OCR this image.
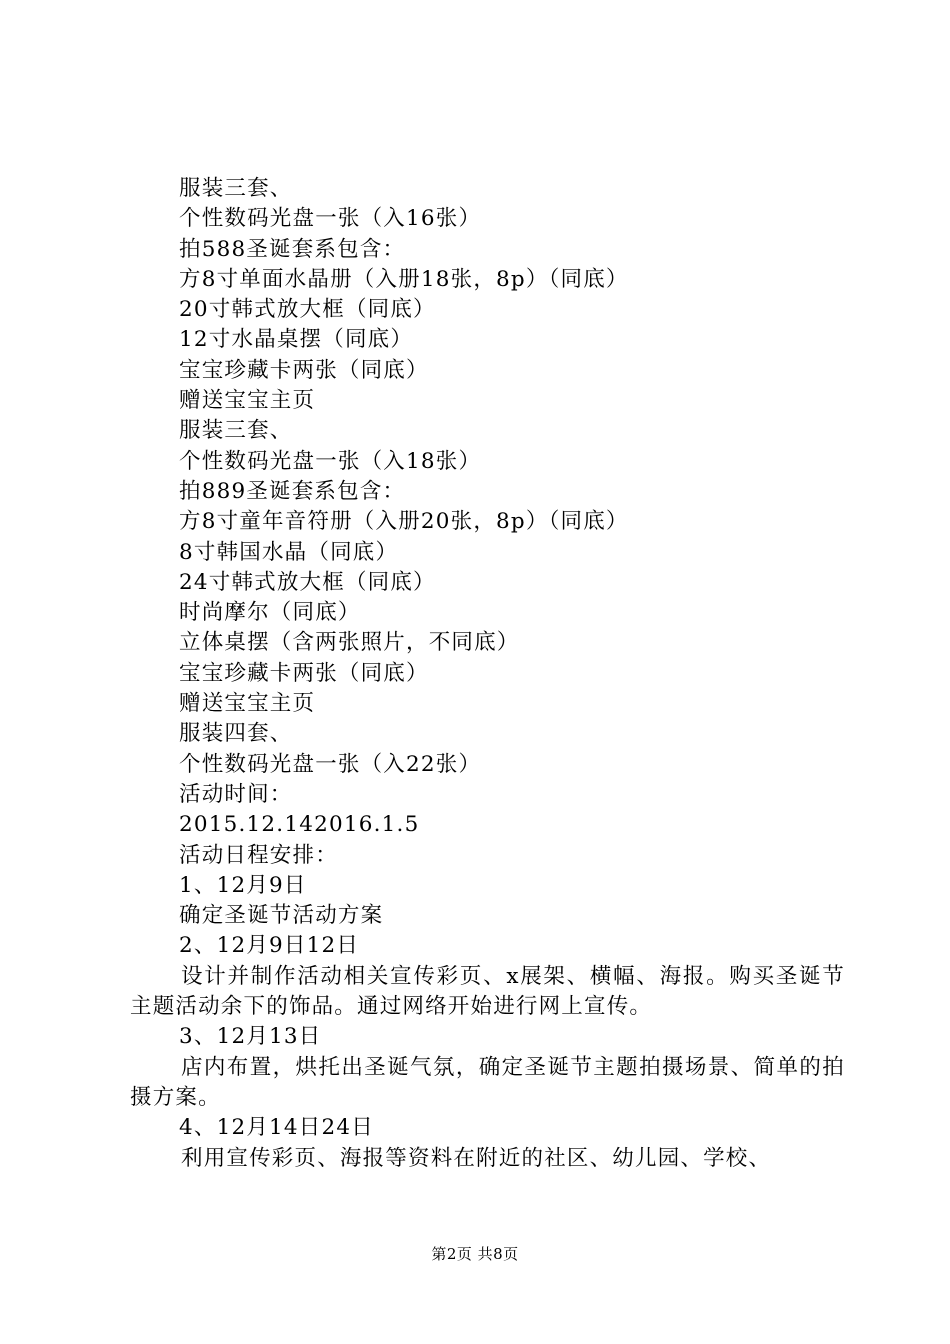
服装三套、
个性数码光盘一张（入16张）
拍588圣诞套系包含：
方8寸单面水晶册（入册18张，8p）（同底）
20寸韩式放大框（同底）
12寸水晶桌摆（同底）
宝宝珍藏卡两张（同底）
赠送宝宝主页
服装三套、
个性数码光盘一张（入18张）
拍889圣诞套系包含：
方8寸童年音符册（入册20张，8p）（同底）
8寸韩国水晶（同底）
24寸韩式放大框（同底）
时尚摩尔（同底）
立体桌摆（含两张照片，不同底）
宝宝珍藏卡两张（同底）
赠送宝宝主页
服装四套、
个性数码光盘一张（入22张）
活动时间：
2015.12.142016.1.5
活动日程安排：
1、12月9日
确定圣诞节活动方案
2、12月9日12日
设计并制作活动相关宣传彩页、x展架、横幅、海报。购买圣诞节主题活动余下的饰品。通过网络开始进行网上宣传。
3、12月13日
店内布置，烘托出圣诞气氛，确定圣诞节主题拍摄场景、简单的拍摄方案。
4、12月14日24日
利用宣传彩页、海报等资料在附近的社区、幼儿园、学校、
第2页 共8页
